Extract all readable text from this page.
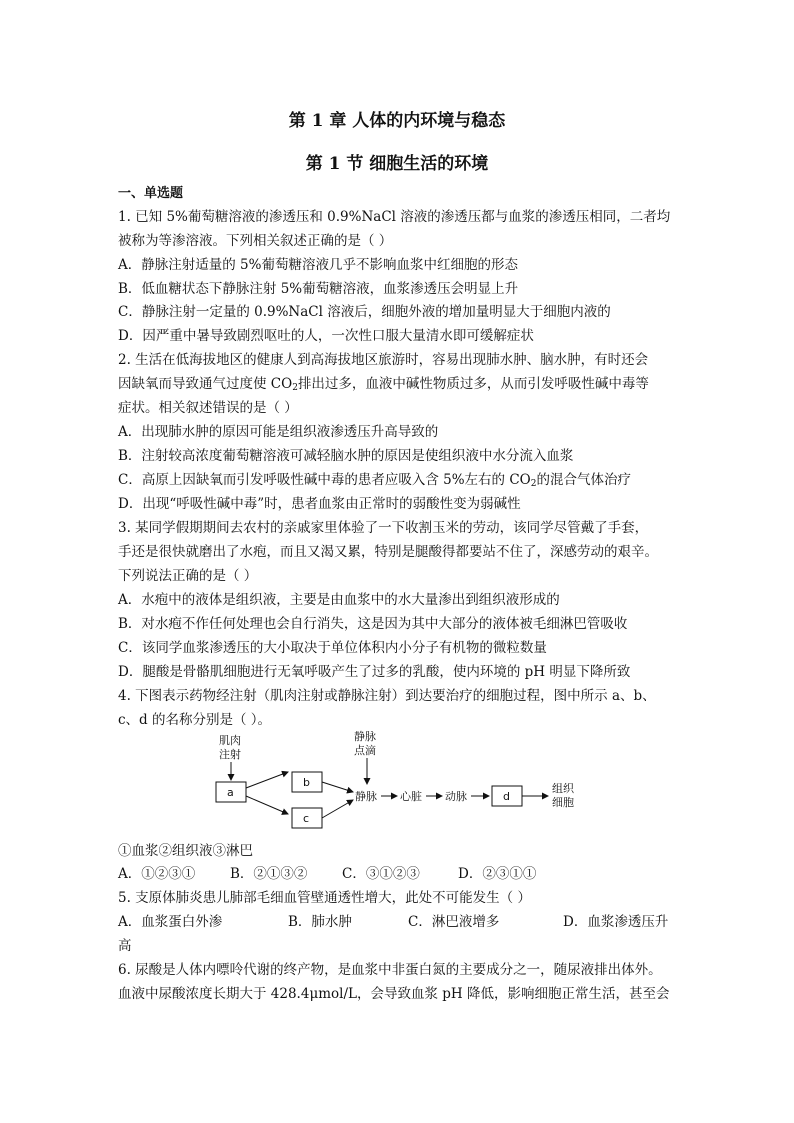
第 1 章 人体的内环境与稳态
第 1 节 细胞生活的环境
一、单选题
1. 已知 5%葡萄糖溶液的渗透压和 0.9%NaCl 溶液的渗透压都与血浆的渗透压相同，二者均
被称为等渗溶液。下列相关叙述正确的是（ ）
A．静脉注射适量的 5%葡萄糖溶液几乎不影响血浆中红细胞的形态
B．低血糖状态下静脉注射 5%葡萄糖溶液，血浆渗透压会明显上升
C．静脉注射一定量的 0.9%NaCl 溶液后，细胞外液的增加量明显大于细胞内液的
D．因严重中暑导致剧烈呕吐的人，一次性口服大量清水即可缓解症状
2. 生活在低海拔地区的健康人到高海拔地区旅游时，容易出现肺水肿、脑水肿，有时还会
因缺氧而导致通气过度使 $CO_2$排出过多，血液中碱性物质过多，从而引发呼吸性碱中毒等
症状。相关叙述错误的是（ ）
A．出现肺水肿的原因可能是组织液渗透压升高导致的
B．注射较高浓度葡萄糖溶液可减轻脑水肿的原因是使组织液中水分流入血浆
C．高原上因缺氧而引发呼吸性碱中毒的患者应吸入含 5%左右的 $CO_2$的混合气体治疗
D．出现“呼吸性碱中毒”时，患者血浆由正常时的弱酸性变为弱碱性
3. 某同学假期期间去农村的亲戚家里体验了一下收割玉米的劳动，该同学尽管戴了手套，
手还是很快就磨出了水疱，而且又渴又累，特别是腿酸得都要站不住了，深感劳动的艰辛。
下列说法正确的是（ ）
A．水疱中的液体是组织液，主要是由血浆中的水大量渗出到组织液形成的
B．对水疱不作任何处理也会自行消失，这是因为其中大部分的液体被毛细淋巴管吸收
C．该同学血浆渗透压的大小取决于单位体积内小分子有机物的微粒数量
D．腿酸是骨骼肌细胞进行无氧呼吸产生了过多的乳酸，使内环境的 pH 明显下降所致
4. 下图表示药物经注射（肌肉注射或静脉注射）到达要治疗的细胞过程，图中所示 a、b、
c、d 的名称分别是（ ）。
肌肉
注射
a
b
c
静脉
点滴
静脉 心脏 动脉	d
组织
细胞
①血浆②组织液③淋巴
A．①②③①	B．②①③②	C．③①②③	D．②③①①
5. 支原体肺炎患儿肺部毛细血管壁通透性增大，此处不可能发生（ ）
A．血浆蛋白外渗	B．肺水肿	C．淋巴液增多	D．血浆渗透压升
高
6. 尿酸是人体内嘌呤代谢的终产物，是血浆中非蛋白氮的主要成分之一，随尿液排出体外。
血液中尿酸浓度长期大于 428.4μmol/L，会导致血浆 pH 降低，影响细胞正常生活，甚至会
